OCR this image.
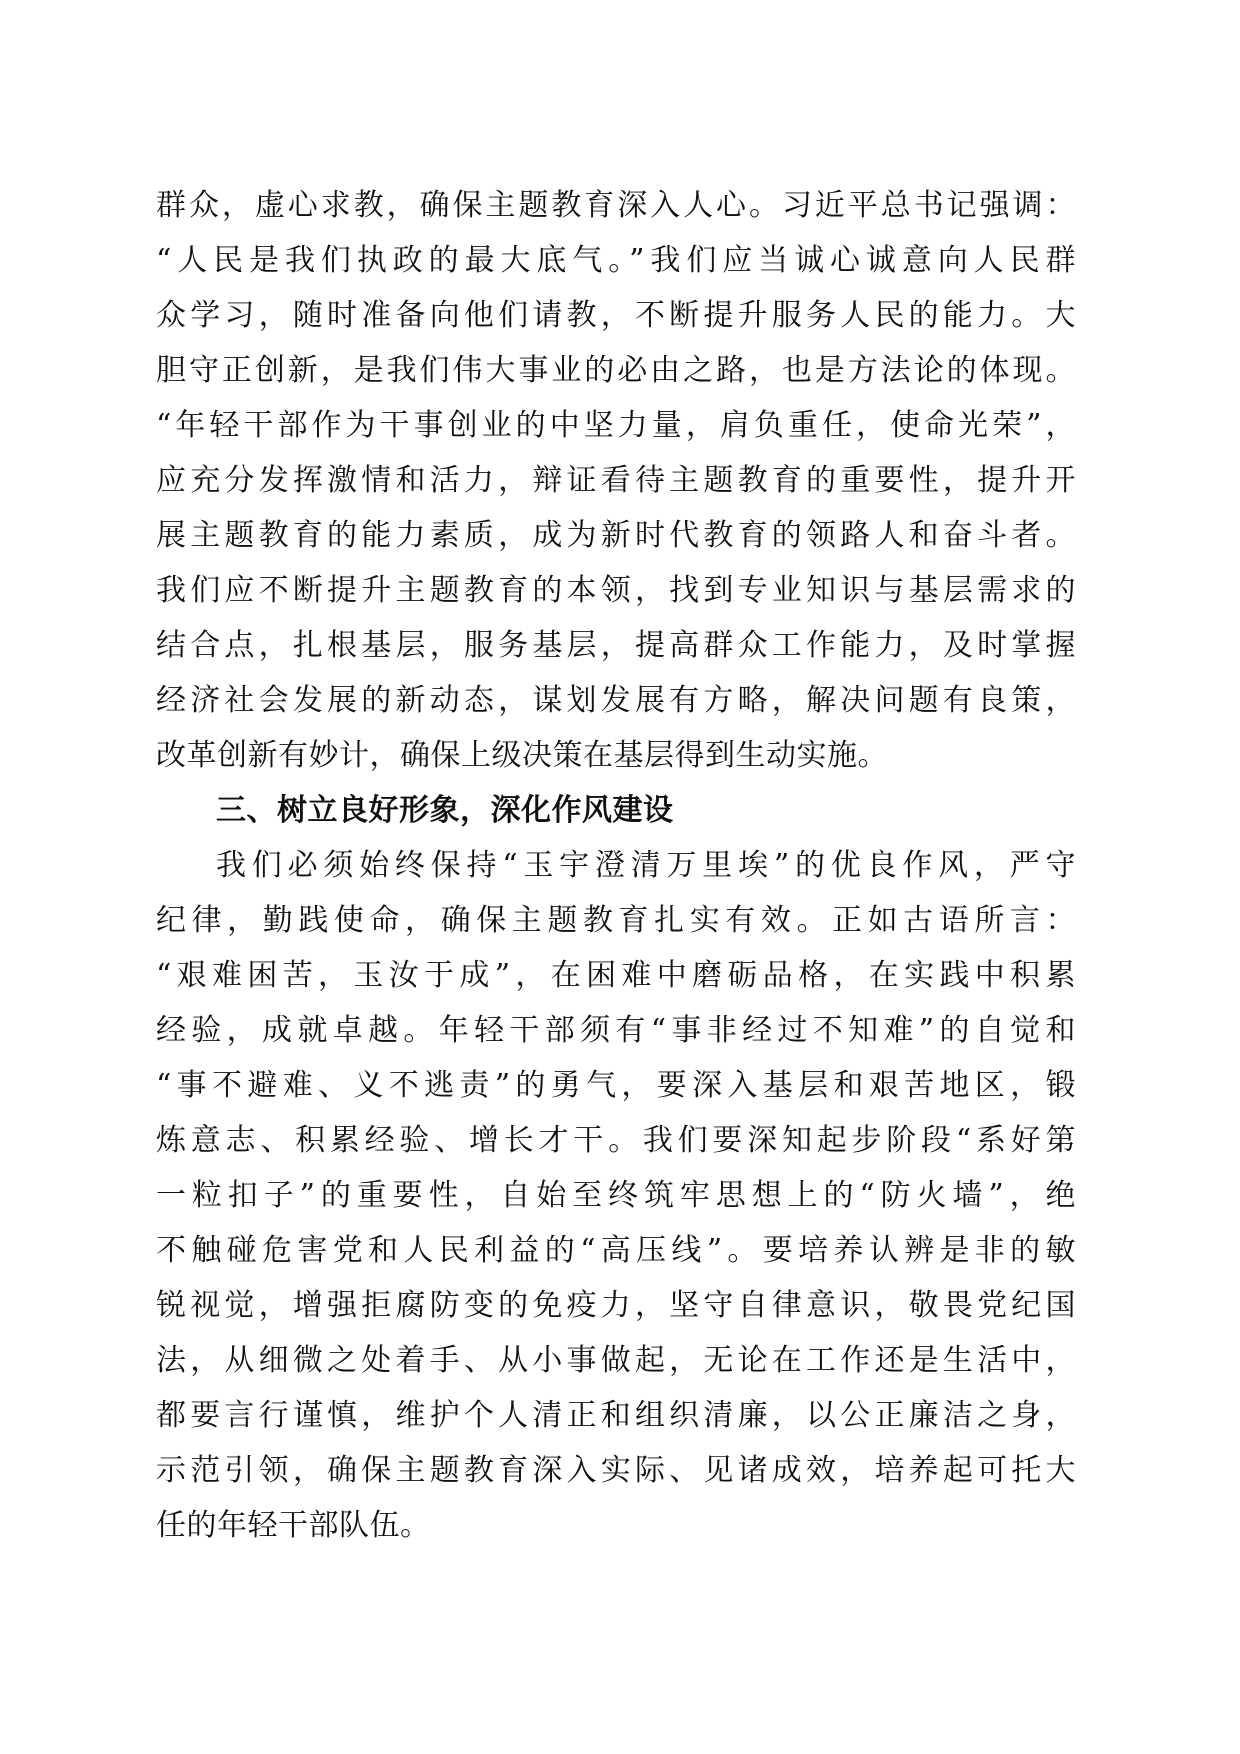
群众，虚心求教，确保主题教育深入人心。习近平总书记强调：
“人民是我们执政的最大底气。”我们应当诚心诚意向人民群
众学习，随时准备向他们请教，不断提升服务人民的能力。大
胆守正创新，是我们伟大事业的必由之路，也是方法论的体现。
“年轻干部作为干事创业的中坚力量，肩负重任，使命光荣”，
应充分发挥激情和活力，辩证看待主题教育的重要性，提升开
展主题教育的能力素质，成为新时代教育的领路人和奋斗者。
我们应不断提升主题教育的本领，找到专业知识与基层需求的
结合点，扎根基层，服务基层，提高群众工作能力，及时掌握
经济社会发展的新动态，谋划发展有方略，解决问题有良策，
改革创新有妙计，确保上级决策在基层得到生动实施。
三、树立良好形象，深化作风建设
我们必须始终保持“玉宇澄清万里埃”的优良作风，严守
纪律，勤践使命，确保主题教育扎实有效。正如古语所言：
“艰难困苦，玉汝于成”，在困难中磨砺品格，在实践中积累
经验，成就卓越。年轻干部须有“事非经过不知难”的自觉和
“事不避难、义不逃责”的勇气，要深入基层和艰苦地区，锻
炼意志、积累经验、增长才干。我们要深知起步阶段“系好第
一粒扣子”的重要性，自始至终筑牢思想上的“防火墙”，绝
不触碰危害党和人民利益的“高压线”。要培养认辨是非的敏
锐视觉，增强拒腐防变的免疫力，坚守自律意识，敬畏党纪国
法，从细微之处着手、从小事做起，无论在工作还是生活中，
都要言行谨慎，维护个人清正和组织清廉，以公正廉洁之身，
示范引领，确保主题教育深入实际、见诸成效，培养起可托大
任的年轻干部队伍。
